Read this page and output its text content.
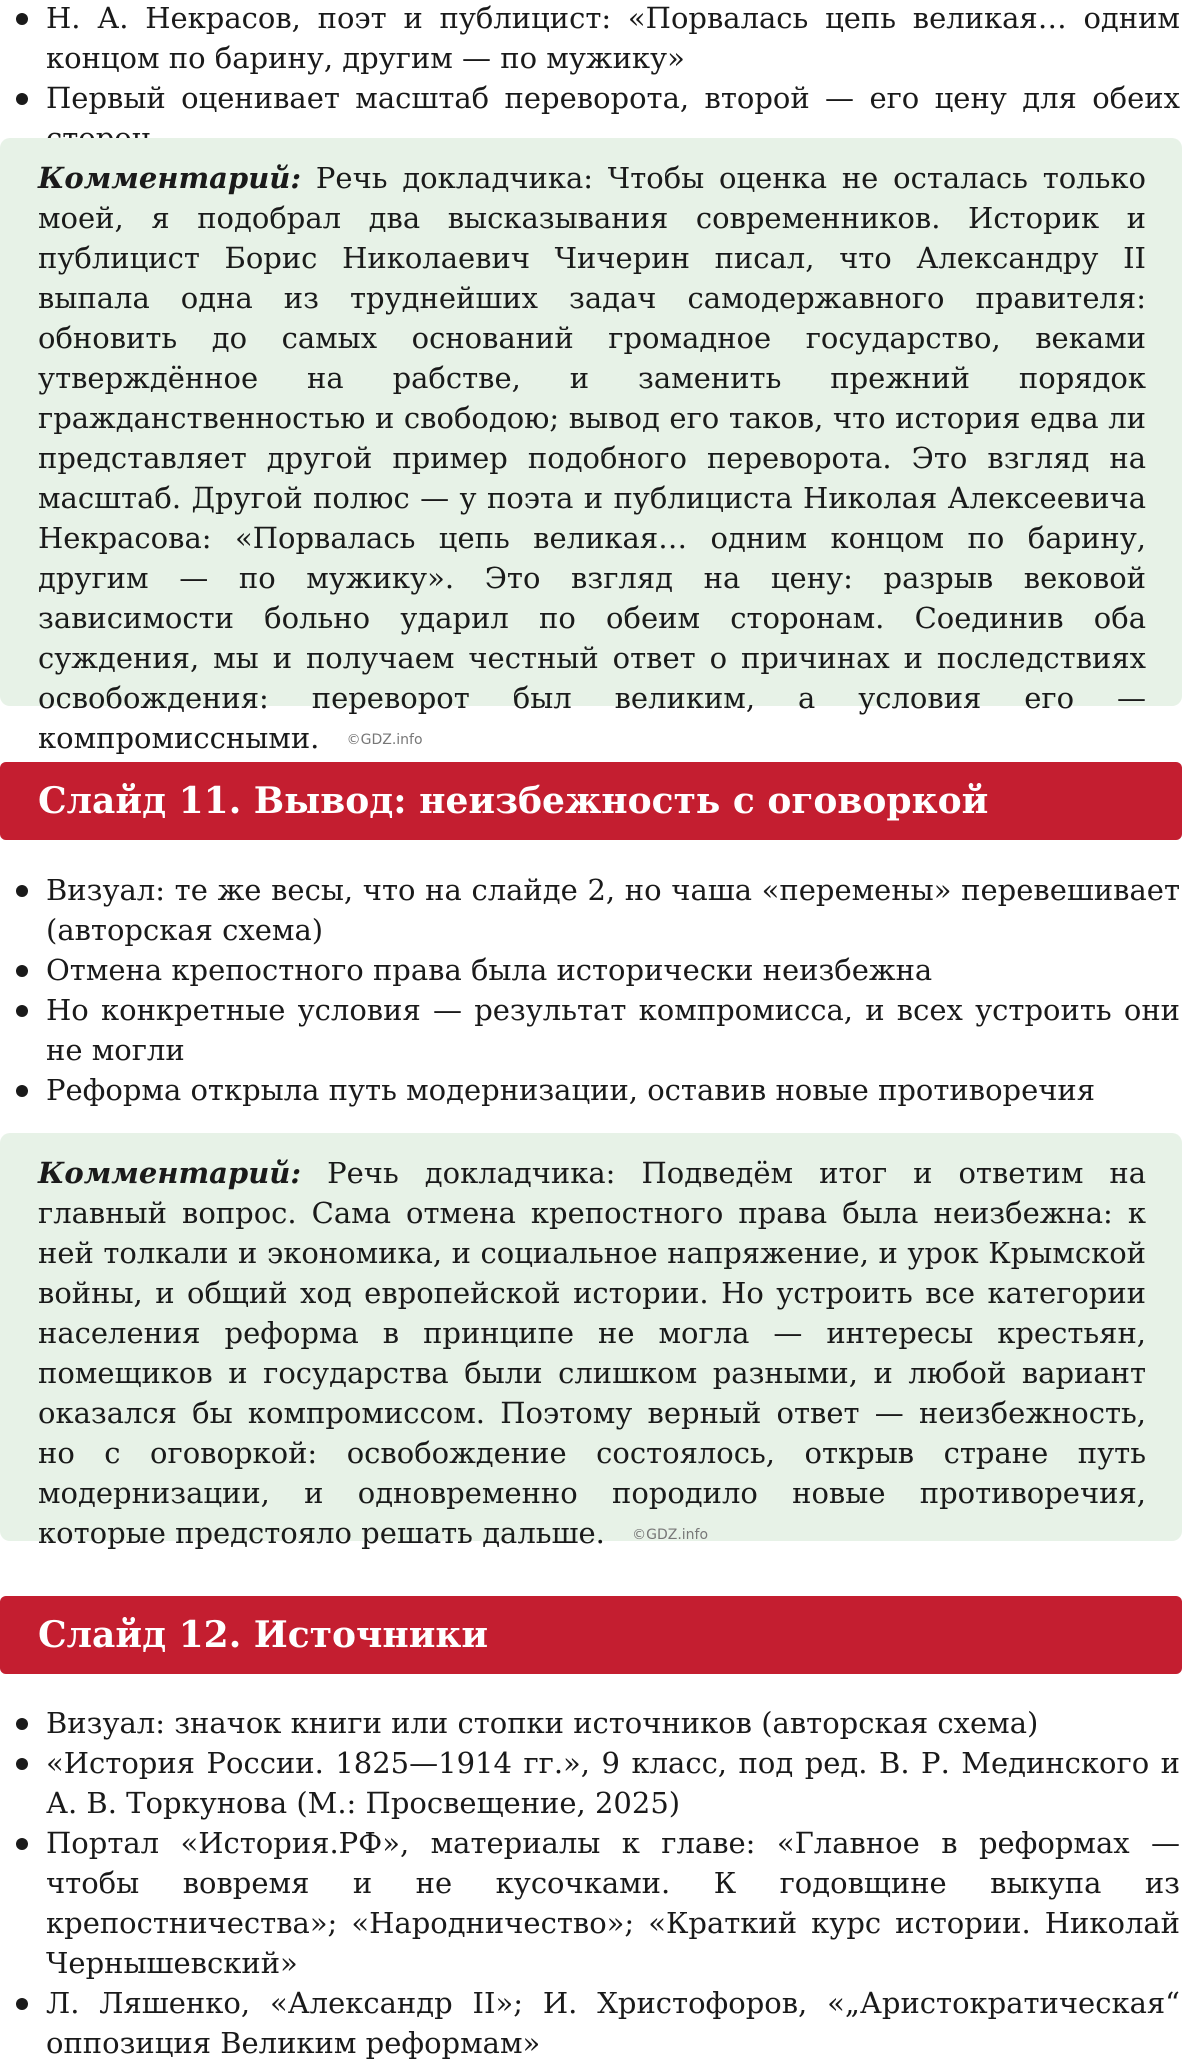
Н. А. Некрасов, поэт и публицист: «Порвалась цепь великая… одним концом по барину, другим — по мужику»
Первый оценивает масштаб переворота, второй — его цену для обеих
Комментарий: Речь докладчика: Чтобы оценка не осталась только моей, я подобрал два высказывания современников. Историк и публицист Борис Николаевич Чичерин писал, что Александру II выпала одна из труднейших задач самодержавного правителя: обновить до самых оснований громадное государство, веками утверждённое на рабстве, и заменить прежний порядок гражданственностью и свободою; вывод его таков, что история едва ли представляет другой пример подобного переворота. Это взгляд на масштаб. Другой полюс — у поэта и публициста Николая Алексеевича Некрасова: «Порвалась цепь великая… одним концом по барину, другим — по мужику». Это взгляд на цену: разрыв вековой зависимости больно ударил по обеим сторонам. Соединив оба суждения, мы и получаем честный ответ о причинах и последствиях освобождения: переворот был великим, а условия его — компромиссными. ©GDZ.info
Слайд 11. Вывод: неизбежность с оговоркой
Визуал: те же весы, что на слайде 2, но чаша «перемены» перевешивает (авторская схема)
Отмена крепостного права была исторически неизбежна
Но конкретные условия — результат компромисса, и всех устроить они не могли
Реформа открыла путь модернизации, оставив новые противоречия
Комментарий: Речь докладчика: Подведём итог и ответим на главный вопрос. Сама отмена крепостного права была неизбежна: к ней толкали и экономика, и социальное напряжение, и урок Крымской войны, и общий ход европейской истории. Но устроить все категории населения реформа в принципе не могла — интересы крестьян, помещиков и государства были слишком разными, и любой вариант оказался бы компромиссом. Поэтому верный ответ — неизбежность, но с оговоркой: освобождение состоялось, открыв стране путь модернизации, и одновременно породило новые противоречия, которые предстояло решать дальше. ©GDZ.info
Слайд 12. Источники
Визуал: значок книги или стопки источников (авторская схема)
«История России. 1825—1914 гг.», 9 класс, под ред. В. Р. Мединского и А. В. Торкунова (М.: Просвещение, 2025)
Портал «История.РФ», материалы к главе: «Главное в реформах — чтобы вовремя и не кусочками. К годовщине выкупа из крепостничества»; «Народничество»; «Краткий курс истории. Николай Чернышевский»
Л. Ляшенко, «Александр II»; И. Христофоров, «„Аристократическая“ оппозиция Великим реформам»
